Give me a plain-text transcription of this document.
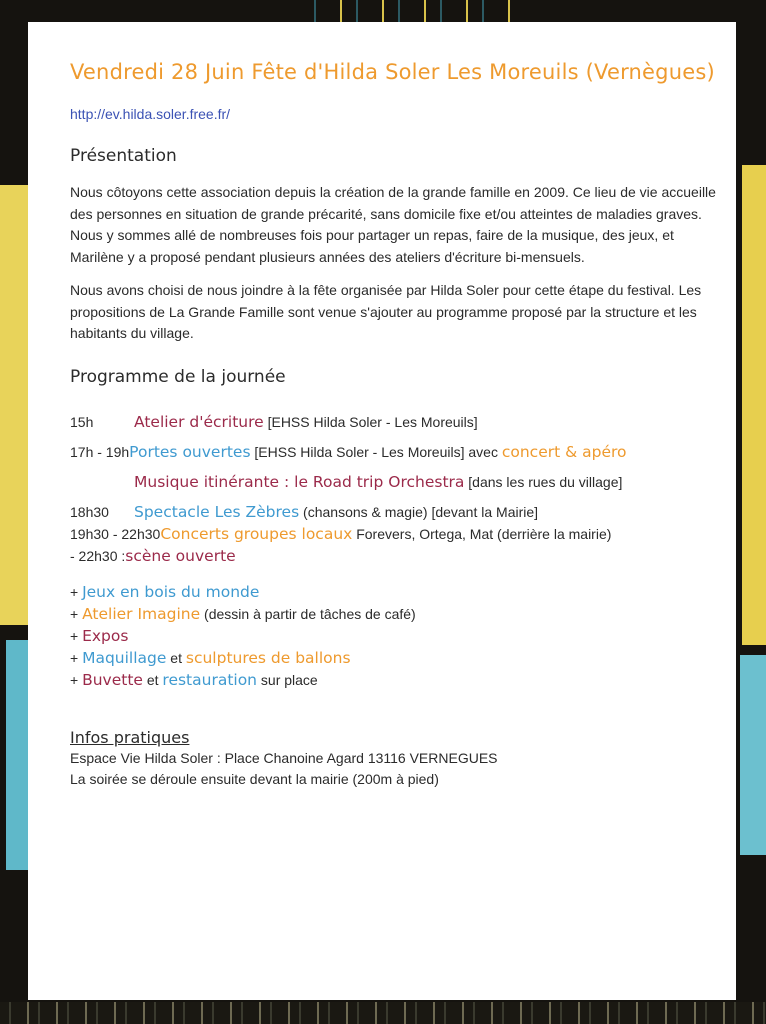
Vendredi 28 Juin Fête d'Hilda Soler Les Moreuils (Vernègues)
http://ev.hilda.soler.free.fr/
Présentation
Nous côtoyons cette association depuis la création de la grande famille en 2009. Ce lieu de vie accueille des personnes en situation de grande précarité, sans domicile fixe et/ou atteintes de maladies graves. Nous y sommes allé de nombreuses fois pour partager un repas, faire de la musique, des jeux, et Marilène y a proposé pendant plusieurs années des ateliers d'écriture bi-mensuels.
Nous avons choisi de nous joindre à la fête organisée par Hilda Soler pour cette étape du festival. Les propositions de La Grande Famille sont venue s'ajouter au programme proposé par la structure et les habitants du village.
Programme de la journée
15h	Atelier d'écriture [EHSS Hilda Soler - Les Moreuils]
17h - 19hPortes ouvertes [EHSS Hilda Soler - Les Moreuils] avec concert & apéro
Musique itinérante : le Road trip Orchestra [dans les rues du village]
18h30 Spectacle Les Zèbres (chansons & magie) [devant la Mairie]
19h30 - 22h30Concerts groupes locaux Forevers, Ortega, Mat (derrière la mairie)
- 22h30 :scène ouverte
+ Jeux en bois du monde
+ Atelier Imagine (dessin à partir de tâches de café)
+ Expos
+ Maquillage et sculptures de ballons
+ Buvette et restauration sur place
Infos pratiques
Espace Vie Hilda Soler : Place Chanoine Agard 13116 VERNEGUES
La soirée se déroule ensuite devant la mairie (200m à pied)
